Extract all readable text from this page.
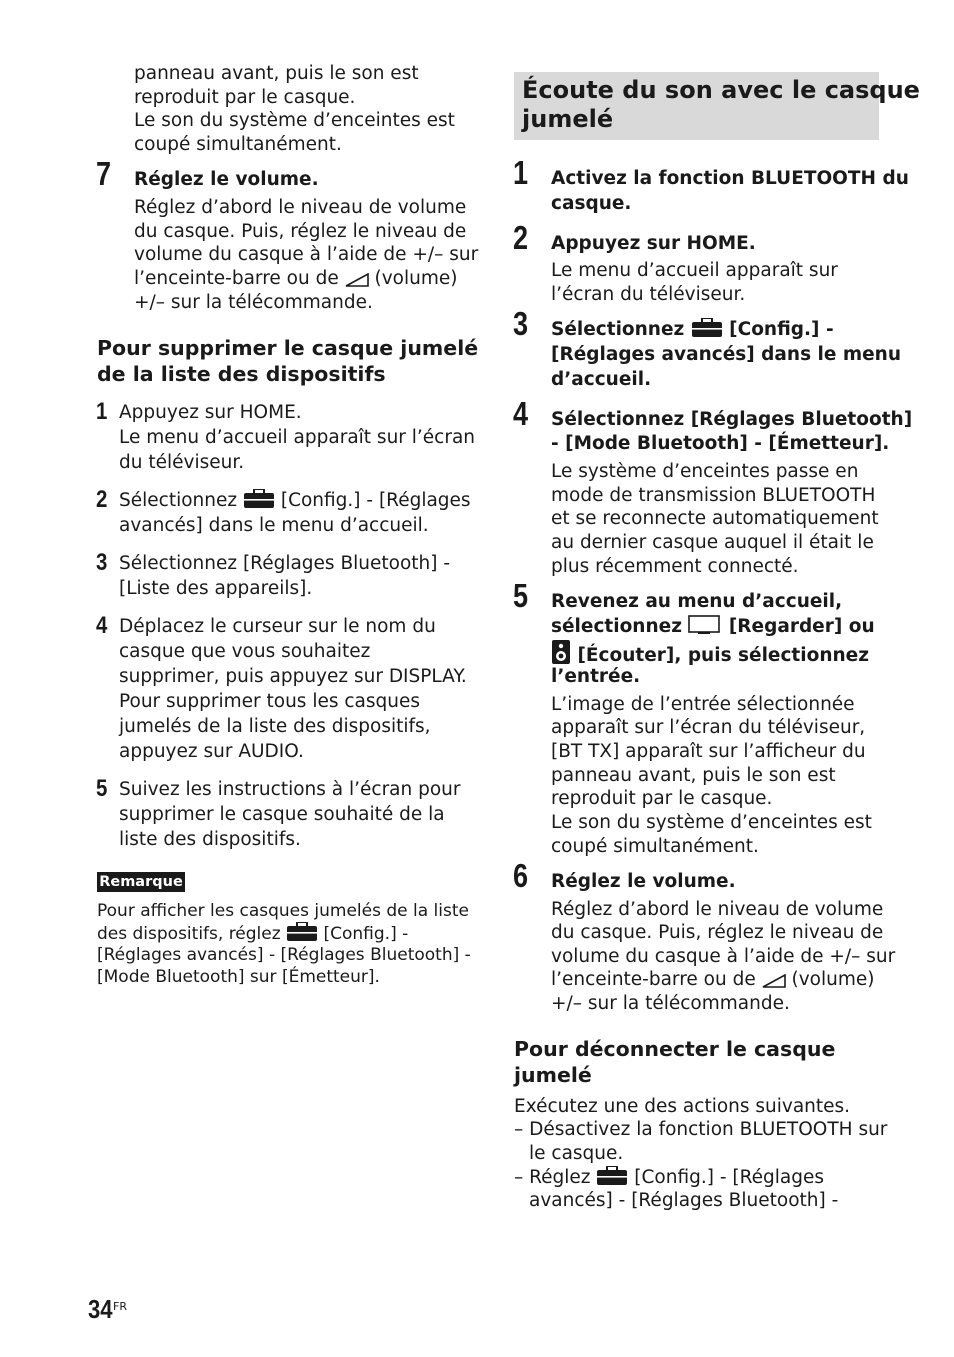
panneau avant, puis le son est
reproduit par le casque.
Le son du système d’enceintes est
coupé simultanément.
7 Réglez le volume.
Réglez d’abord le niveau de volume
du casque. Puis, réglez le niveau de
volume du casque à l’aide de +/– sur
l’enceinte-barre ou de  (volume)
+/– sur la télécommande.
Pour supprimer le casque jumelé
de la liste des dispositifs
1 Appuyez sur HOME.
Le menu d’accueil apparaît sur l’écran
du téléviseur.
2 Sélectionnez  [Config.] - [Réglages
avancés] dans le menu d’accueil.
3 Sélectionnez [Réglages Bluetooth] -
[Liste des appareils].
4 Déplacez le curseur sur le nom du
casque que vous souhaitez
supprimer, puis appuyez sur DISPLAY.
Pour supprimer tous les casques
jumelés de la liste des dispositifs,
appuyez sur AUDIO.
5 Suivez les instructions à l’écran pour
supprimer le casque souhaité de la
liste des dispositifs.
Remarque
Pour afficher les casques jumelés de la liste
des dispositifs, réglez  [Config.] -
[Réglages avancés] - [Réglages Bluetooth] -
[Mode Bluetooth] sur [Émetteur].
Écoute du son avec le casque
jumelé
1 Activez la fonction BLUETOOTH du
casque.
2 Appuyez sur HOME.
Le menu d’accueil apparaît sur
l’écran du téléviseur.
3 Sélectionnez  [Config.] -
[Réglages avancés] dans le menu
d’accueil.
4 Sélectionnez [Réglages Bluetooth]
- [Mode Bluetooth] - [Émetteur].
Le système d’enceintes passe en
mode de transmission BLUETOOTH
et se reconnecte automatiquement
au dernier casque auquel il était le
plus récemment connecté.
5 Revenez au menu d’accueil,
sélectionnez  [Regarder] ou
[Écouter], puis sélectionnez
l’entrée.
L’image de l’entrée sélectionnée
apparaît sur l’écran du téléviseur,
[BT TX] apparaît sur l’afficheur du
panneau avant, puis le son est
reproduit par le casque.
Le son du système d’enceintes est
coupé simultanément.
6 Réglez le volume.
Réglez d’abord le niveau de volume
du casque. Puis, réglez le niveau de
volume du casque à l’aide de +/– sur
l’enceinte-barre ou de  (volume)
+/– sur la télécommande.
Pour déconnecter le casque
jumelé
Exécutez une des actions suivantes.
– Désactivez la fonction BLUETOOTH sur
le casque.
– Réglez  [Config.] - [Réglages
avancés] - [Réglages Bluetooth] -
34 FR
